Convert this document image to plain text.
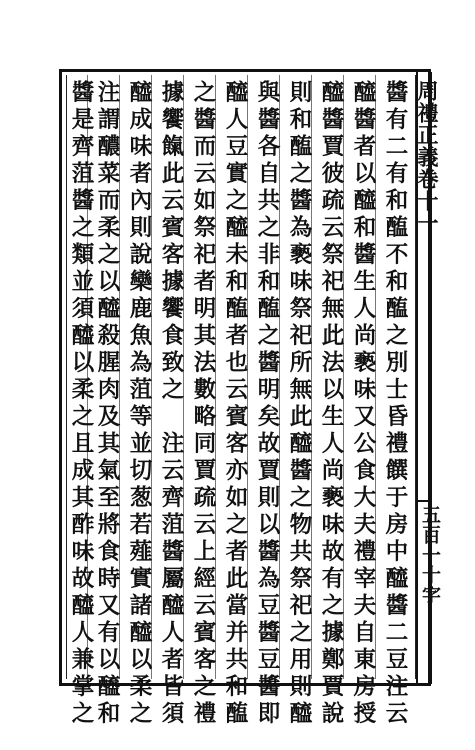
周禮正義卷十一
五百一十字
醬有二有和醢不和醢之別士昏禮饌于房中醯醬二豆注云
醯醬者以醯和醬生人尚褻味又公食大夫禮宰夫自東房授
醯醬賈彼疏云祭祀無此法以生人尚褻味故有之據鄭賈說
則和醢之醬為褻味祭祀所無此醯醬之物共祭祀之用則醯
與醬各自共之非和醢之醬明矣故賈則以醬為豆醬豆醬即
醯人豆實之醯未和醢者也云賓客亦如之者此當并共和醢
之醬而云如祭祀者明其法數略同賈疏云上經云賓客之禮
據饗餼此云賓客據饗食致之　注云齊菹醬屬醯人者皆須
醯成味者內則說欒鹿魚為菹等並切葱若薤實諸醯以柔之
注謂醲菜而柔之以醯殺腥肉及其氣至將食時又有以醯和
醬是齊菹醬之類並須醯以柔之且成其酢味故醯人兼掌之
